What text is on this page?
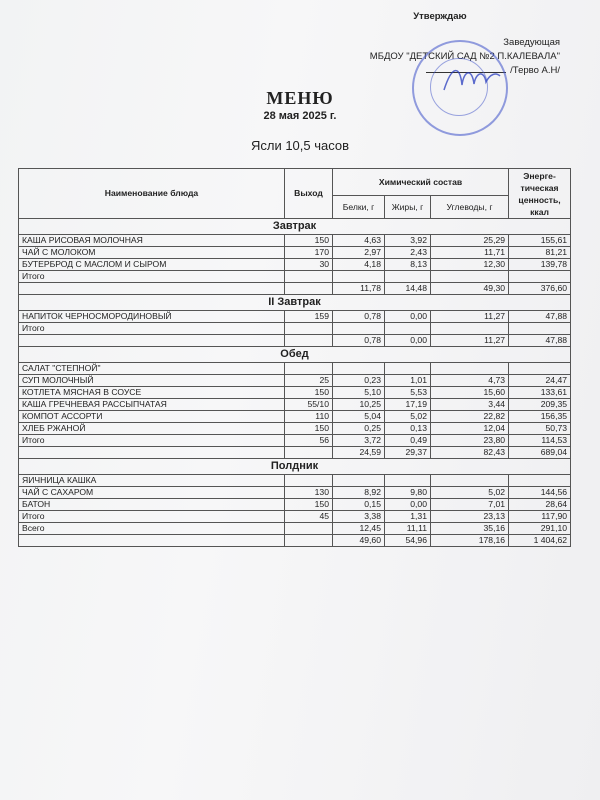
Утверждаю
Заведующая
МБДОУ "ДЕТСКИЙ САД №2 П.КАЛЕВАЛА"
/Терво А.Н/
МЕНЮ
28 мая 2025 г.
Ясли 10,5 часов
Наименование блюда	Выход	Химический состав			Энерге-тическая ценность, ккал
		Белки, г	Жиры, г	Углеводы, г	
Завтрак					
КАША РИСОВАЯ МОЛОЧНАЯ	150	4,63	3,92	25,29	155,61
ЧАЙ С МОЛОКОМ	170	2,97	2,43	11,71	81,21
БУТЕРБРОД С МАСЛОМ И СЫРОМ	30	4,18	8,13	12,30	139,78
Итого					
		11,78	14,48	49,30	376,60
II Завтрак					
НАПИТОК ЧЕРНОСМОРОДИНОВЫЙ	159	0,78	0,00	11,27	47,88
Итого					
		0,78	0,00	11,27	47,88
Обед					
САЛАТ "СТЕПНОЙ"					
СУП МОЛОЧНЫЙ	25	0,23	1,01	4,73	24,47
КОТЛЕТА МЯСНАЯ В СОУСЕ	150	5,10	5,53	15,60	133,61
КАША ГРЕЧНЕВАЯ РАССЫПЧАТАЯ	55/10	10,25	17,19	3,44	209,35
КОМПОТ АССОРТИ	110	5,04	5,02	22,82	156,35
ХЛЕБ РЖАНОЙ	150	0,25	0,13	12,04	50,73
Итого	56	3,72	0,49	23,80	114,53
		24,59	29,37	82,43	689,04
Полдник					
ЯИЧНИЦА КАШКА					
ЧАЙ С САХАРОМ	130	8,92	9,80	5,02	144,56
БАТОН	150	0,15	0,00	7,01	28,64
Итого	45	3,38	1,31	23,13	117,90
Всего		12,45	11,11	35,16	291,10
		49,60	54,96	178,16	1 404,62
